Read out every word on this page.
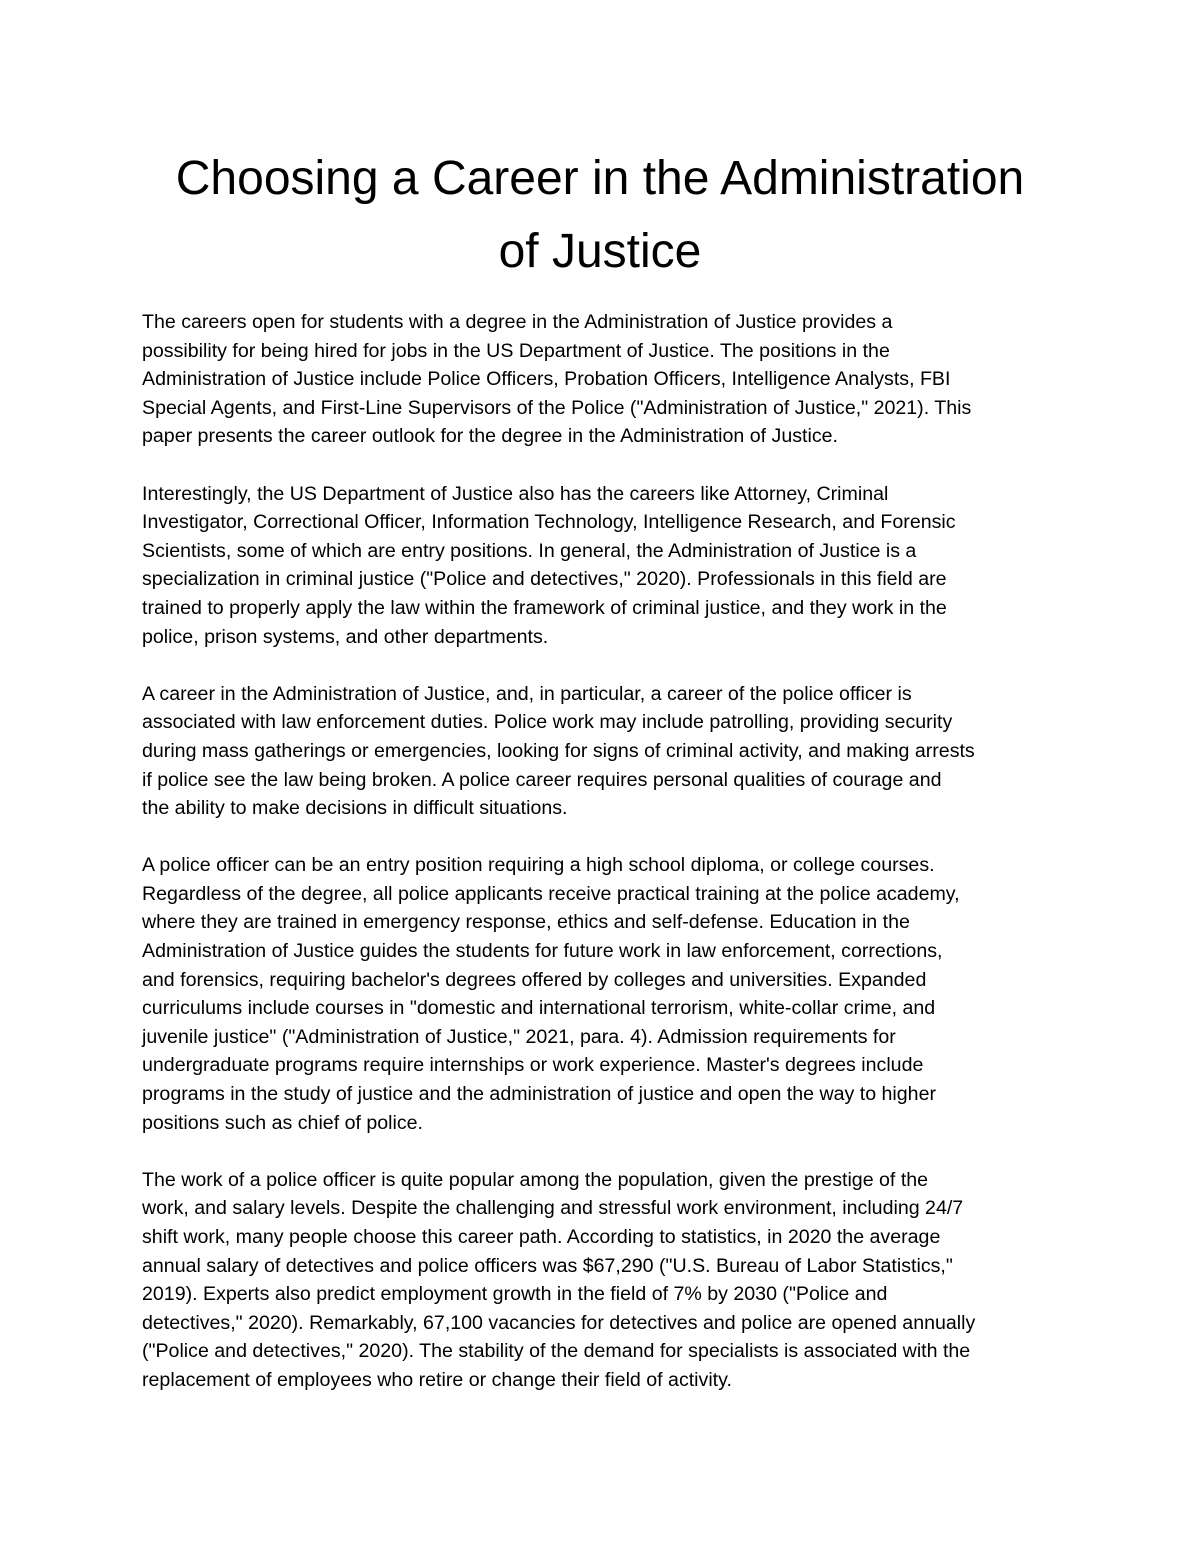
Choosing a Career in the Administration
of Justice

The careers open for students with a degree in the Administration of Justice provides a
possibility for being hired for jobs in the US Department of Justice. The positions in the
Administration of Justice include Police Officers, Probation Officers, Intelligence Analysts, FBI
Special Agents, and First-Line Supervisors of the Police ("Administration of Justice," 2021). This
paper presents the career outlook for the degree in the Administration of Justice.

Interestingly, the US Department of Justice also has the careers like Attorney, Criminal
Investigator, Correctional Officer, Information Technology, Intelligence Research, and Forensic
Scientists, some of which are entry positions. In general, the Administration of Justice is a
specialization in criminal justice ("Police and detectives," 2020). Professionals in this field are
trained to properly apply the law within the framework of criminal justice, and they work in the
police, prison systems, and other departments.

A career in the Administration of Justice, and, in particular, a career of the police officer is
associated with law enforcement duties. Police work may include patrolling, providing security
during mass gatherings or emergencies, looking for signs of criminal activity, and making arrests
if police see the law being broken. A police career requires personal qualities of courage and
the ability to make decisions in difficult situations.

A police officer can be an entry position requiring a high school diploma, or college courses.
Regardless of the degree, all police applicants receive practical training at the police academy,
where they are trained in emergency response, ethics and self-defense. Education in the
Administration of Justice guides the students for future work in law enforcement, corrections,
and forensics, requiring bachelor's degrees offered by colleges and universities. Expanded
curriculums include courses in "domestic and international terrorism, white-collar crime, and
juvenile justice" ("Administration of Justice," 2021, para. 4). Admission requirements for
undergraduate programs require internships or work experience. Master's degrees include
programs in the study of justice and the administration of justice and open the way to higher
positions such as chief of police.

The work of a police officer is quite popular among the population, given the prestige of the
work, and salary levels. Despite the challenging and stressful work environment, including 24/7
shift work, many people choose this career path. According to statistics, in 2020 the average
annual salary of detectives and police officers was $67,290 ("U.S. Bureau of Labor Statistics,"
2019). Experts also predict employment growth in the field of 7% by 2030 ("Police and
detectives," 2020). Remarkably, 67,100 vacancies for detectives and police are opened annually
("Police and detectives," 2020). The stability of the demand for specialists is associated with the
replacement of employees who retire or change their field of activity.
